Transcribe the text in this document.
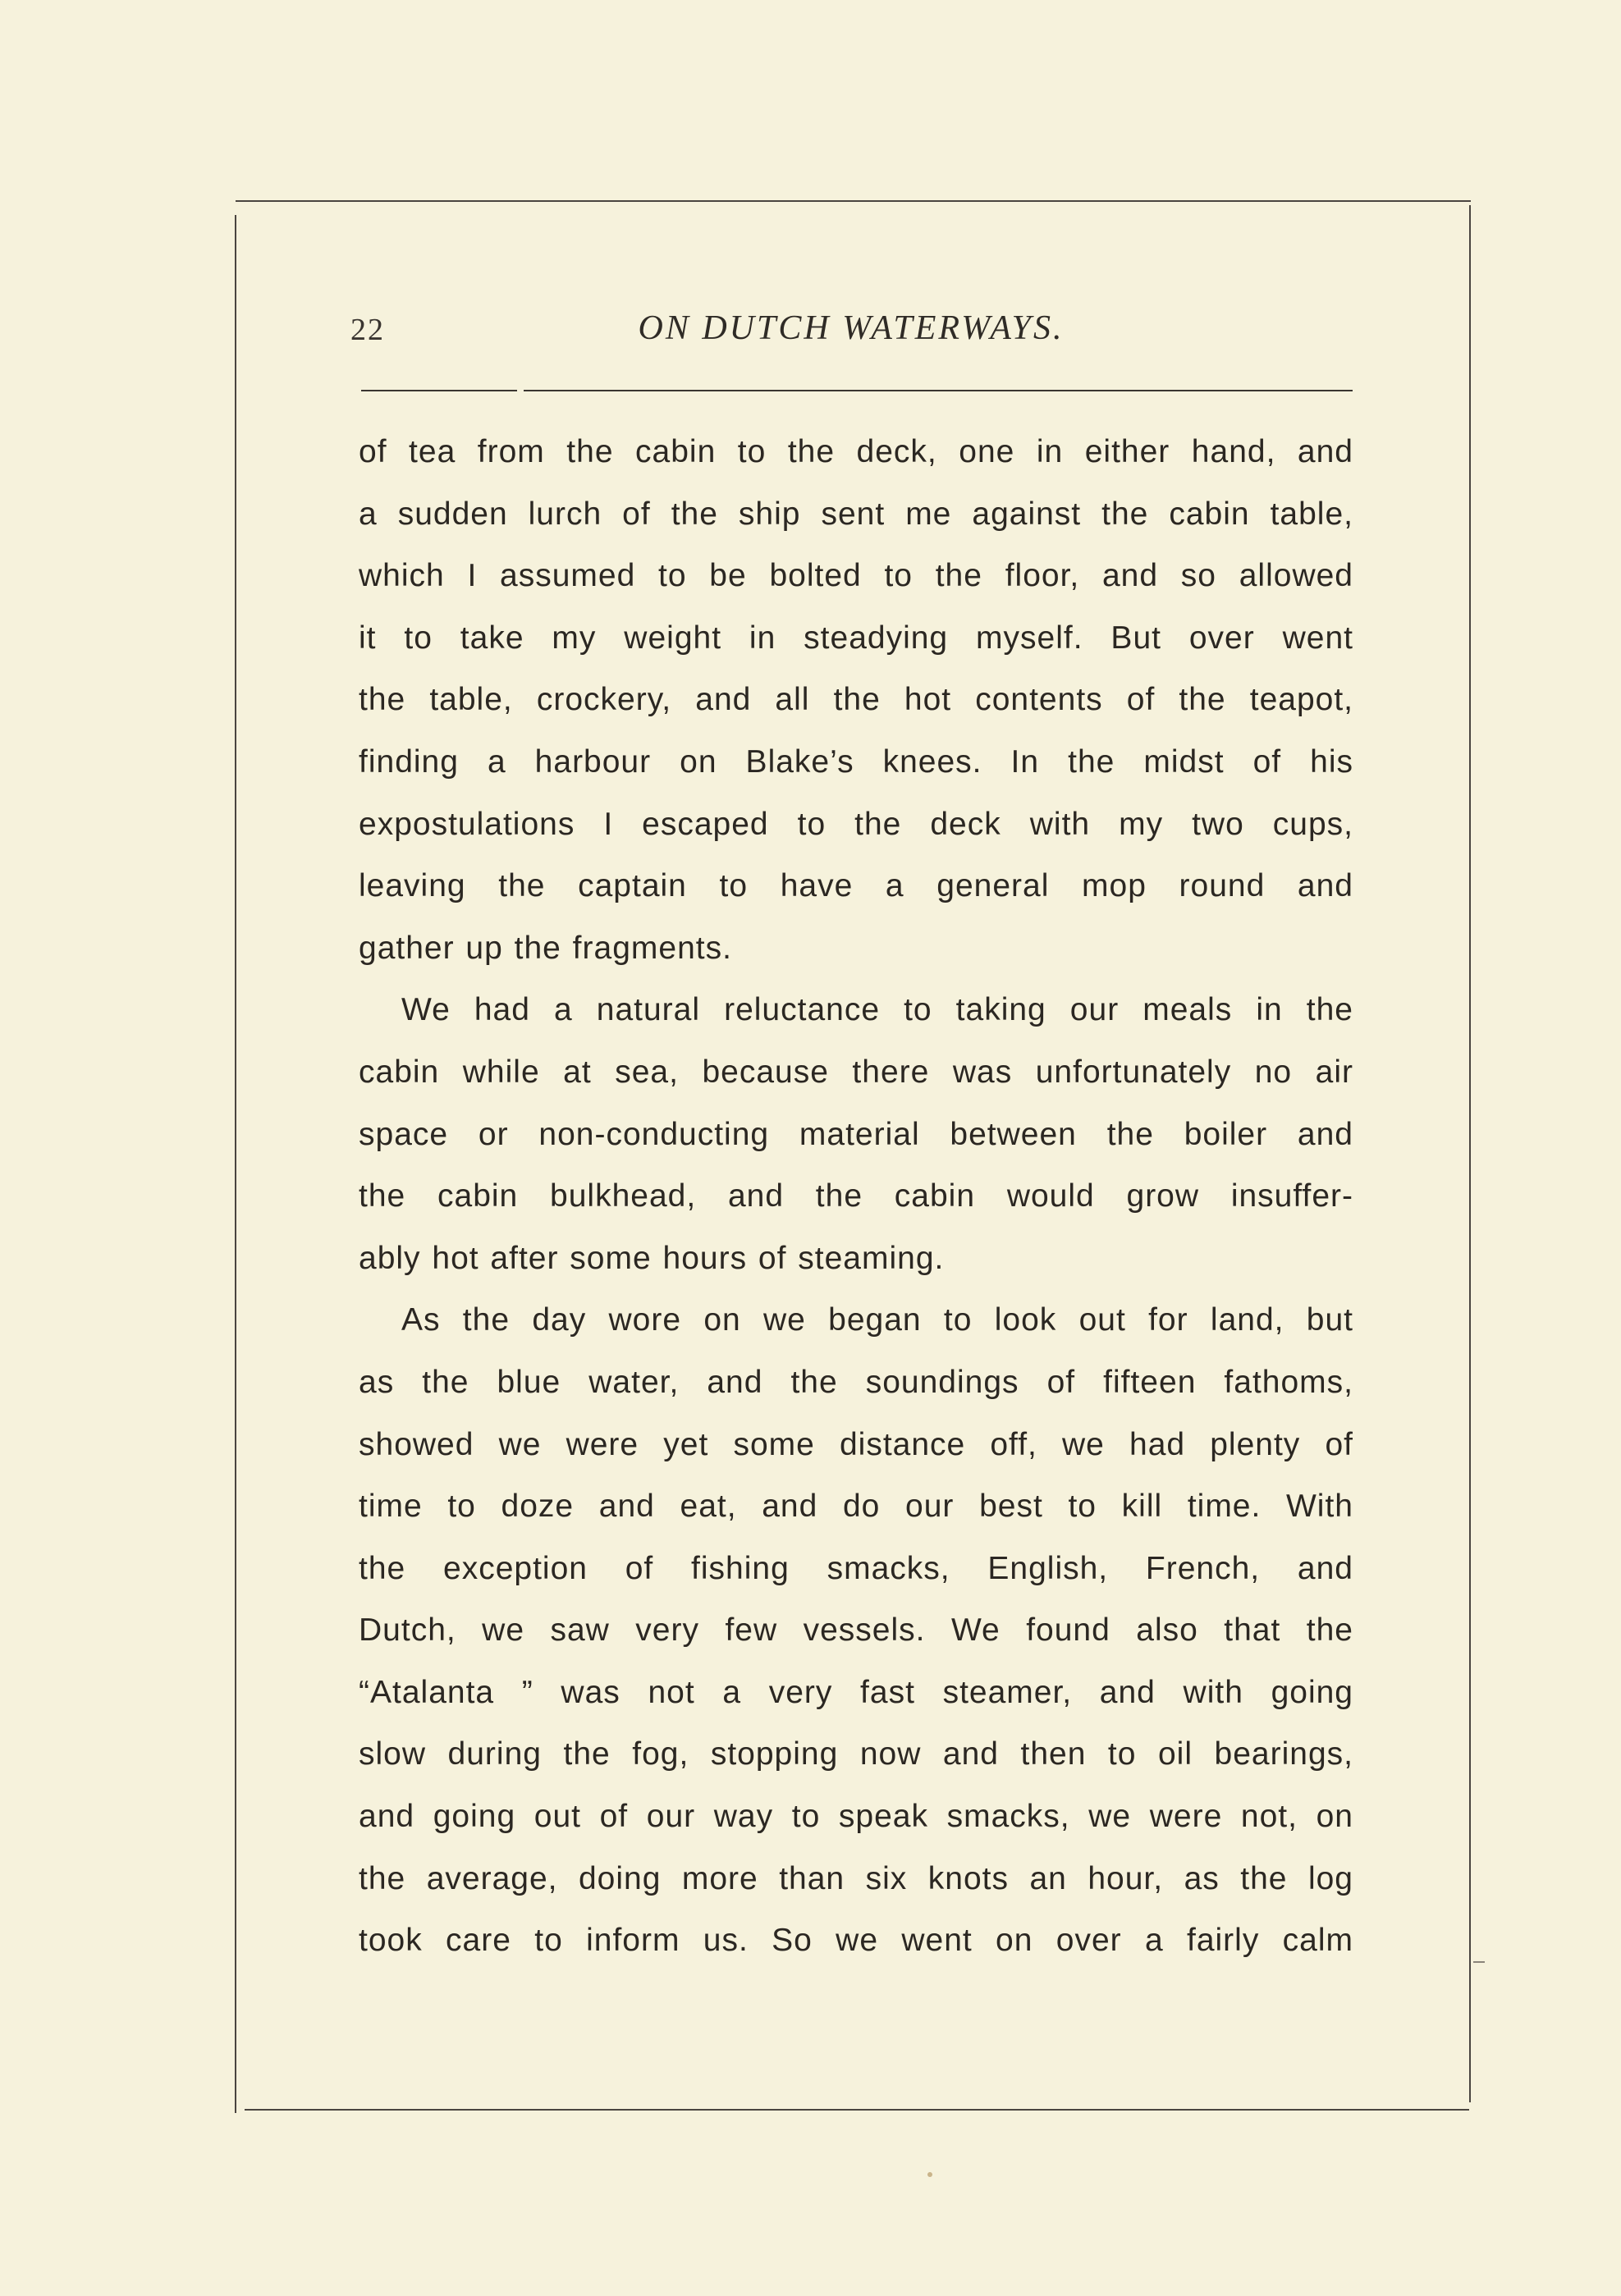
22	ON DUTCH WATERWAYS.

of tea from the cabin to the deck, one in either hand, and

a sudden lurch of the ship sent me against the cabin table,

which I assumed to be bolted to the floor, and so allowed

it to take my weight in steadying myself. But over went

the table, crockery, and all the hot contents of the teapot,

finding a harbour on Blake’s knees. In the midst of his

expostulations I escaped to the deck with my two cups,

leaving the captain to have a general mop round and

gather up the fragments.

We had a natural reluctance to taking our meals in the

cabin while at sea, because there was unfortunately no air

space or non-conducting material between the boiler and

the cabin bulkhead, and the cabin would grow insuffer-

ably hot after some hours of steaming.

As the day wore on we began to look out for land, but

as the blue water, and the soundings of fifteen fathoms,

showed we were yet some distance off, we had plenty of

time to doze and eat, and do our best to kill time. With

the exception of fishing smacks, English, French, and

Dutch, we saw very few vessels. We found also that the

“Atalanta ” was not a very fast steamer, and with going

slow during the fog, stopping now and then to oil bearings,

and going out of our way to speak smacks, we were not, on

the average, doing more than six knots an hour, as the log

took care to inform us. So we went on over a fairly calm
